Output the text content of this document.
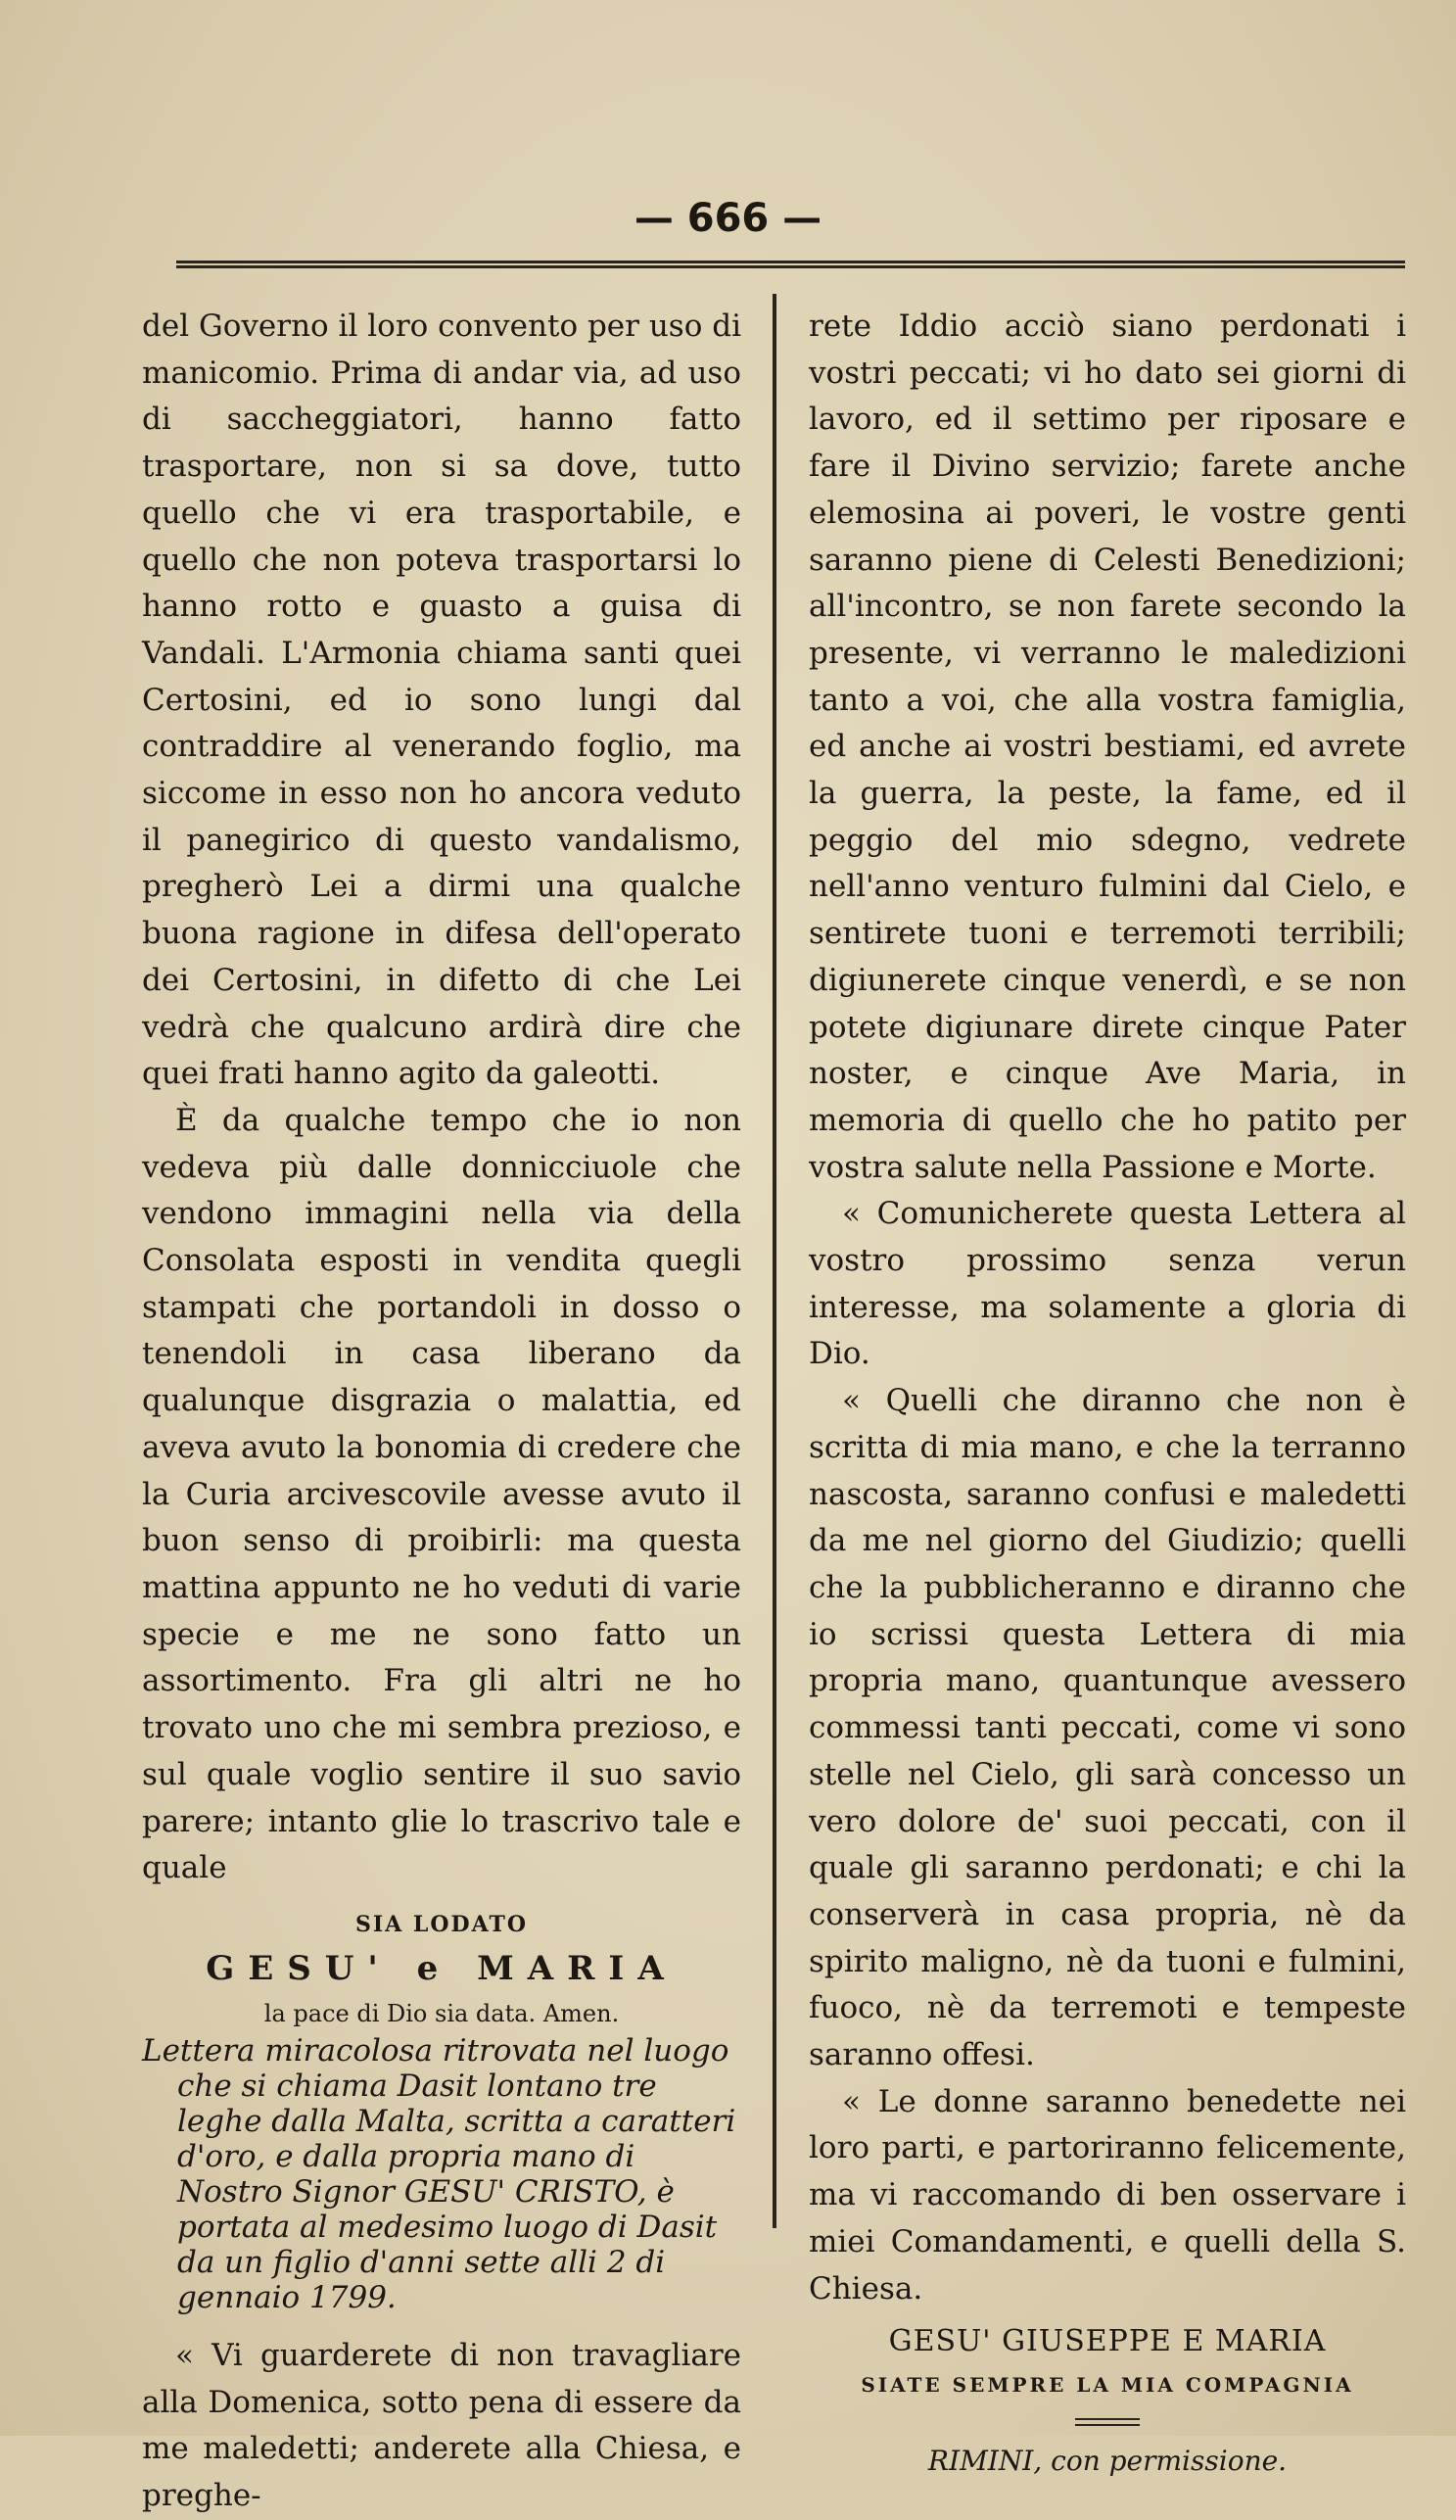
— 666 —

del Governo il loro convento per uso di manicomio. Prima di andar via, ad uso di saccheggiatori, hanno fatto trasportare, non si sa dove, tutto quello che vi era trasportabile, e quello che non poteva trasportarsi lo hanno rotto e guasto a guisa di Vandali. L'Armonia chiama santi quei Certosini, ed io sono lungi dal contraddire al venerando foglio, ma siccome in esso non ho ancora veduto il panegirico di questo vandalismo, pregherò Lei a dirmi una qualche buona ragione in difesa dell'operato dei Certosini, in difetto di che Lei vedrà che qualcuno ardirà dire che quei frati hanno agito da galeotti.

È da qualche tempo che io non vedeva più dalle donnicciuole che vendono immagini nella via della Consolata esposti in vendita quegli stampati che portandoli in dosso o tenendoli in casa liberano da qualunque disgrazia o malattia, ed aveva avuto la bonomia di credere che la Curia arcivescovile avesse avuto il buon senso di proibirli: ma questa mattina appunto ne ho veduti di varie specie e me ne sono fatto un assortimento. Fra gli altri ne ho trovato uno che mi sembra prezioso, e sul quale voglio sentire il suo savio parere; intanto glie lo trascrivo tale e quale

SIA LODATO

GESU' e MARIA

la pace di Dio sia data. Amen.

Lettera miracolosa ritrovata nel luogo che si chiama Dasit lontano tre leghe dalla Malta, scritta a caratteri d'oro, e dalla propria mano di Nostro Signor GESU' CRISTO, è portata al medesimo luogo di Dasit da un figlio d'anni sette alli 2 di gennaio 1799.

« Vi guarderete di non travagliare alla Domenica, sotto pena di essere da me maledetti; anderete alla Chiesa, e preghe-

rete Iddio acciò siano perdonati i vostri peccati; vi ho dato sei giorni di lavoro, ed il settimo per riposare e fare il Divino servizio; farete anche elemosina ai poveri, le vostre genti saranno piene di Celesti Benedizioni; all'incontro, se non farete secondo la presente, vi verranno le maledizioni tanto a voi, che alla vostra famiglia, ed anche ai vostri bestiami, ed avrete la guerra, la peste, la fame, ed il peggio del mio sdegno, vedrete nell'anno venturo fulmini dal Cielo, e sentirete tuoni e terremoti terribili; digiunerete cinque venerdì, e se non potete digiunare direte cinque Pater noster, e cinque Ave Maria, in memoria di quello che ho patito per vostra salute nella Passione e Morte.

« Comunicherete questa Lettera al vostro prossimo senza verun interesse, ma solamente a gloria di Dio.

« Quelli che diranno che non è scritta di mia mano, e che la terranno nascosta, saranno confusi e maledetti da me nel giorno del Giudizio; quelli che la pubblicheranno e diranno che io scrissi questa Lettera di mia propria mano, quantunque avessero commessi tanti peccati, come vi sono stelle nel Cielo, gli sarà concesso un vero dolore de' suoi peccati, con il quale gli saranno perdonati; e chi la conserverà in casa propria, nè da spirito maligno, nè da tuoni e fulmini, fuoco, nè da terremoti e tempeste saranno offesi.

« Le donne saranno benedette nei loro parti, e partoriranno felicemente, ma vi raccomando di ben osservare i miei Comandamenti, e quelli della S. Chiesa.

GESU' GIUSEPPE E MARIA

SIATE SEMPRE LA MIA COMPAGNIA

RIMINI, con permissione.
